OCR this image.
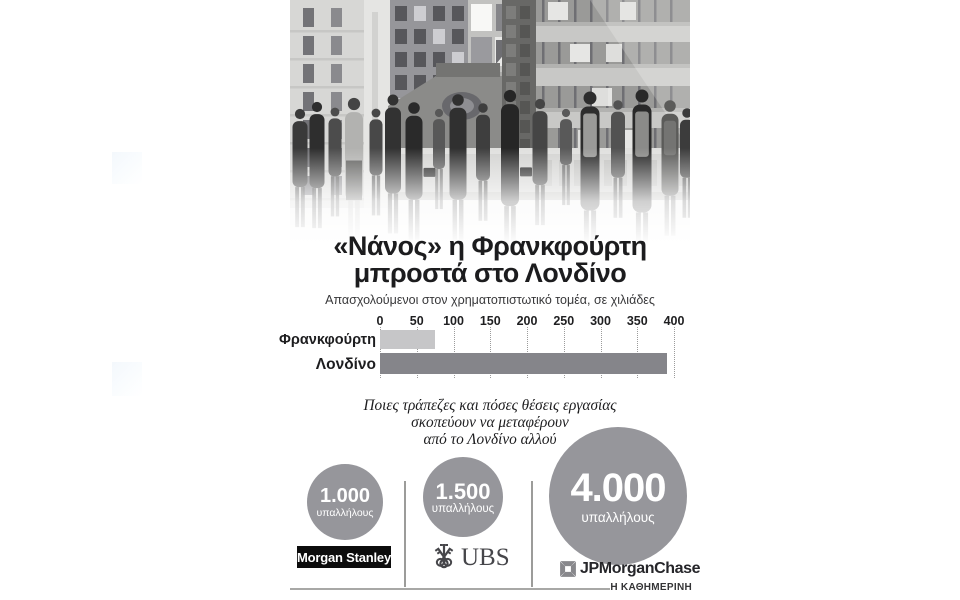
«Νάνος» η Φρανκφούρτη
μπροστά στο Λονδίνο
Απασχολούμενοι στον χρηματοπιστωτικό τομέα, σε χιλιάδες
0 50 100 150 200 250 300 350 400
Φρανκφούρτη
Λονδίνο
Ποιες τράπεζες και πόσες θέσεις εργασίας
σκοπεύουν να μεταφέρουν
από το Λονδίνο αλλού
1.000
υπαλλήλους
1.500
υπαλλήλους 4.000
υπαλλήλους
Morgan Stanley	UBS	JPMorganChase
Η ΚΑΘΗΜΕΡΙΝΗ
